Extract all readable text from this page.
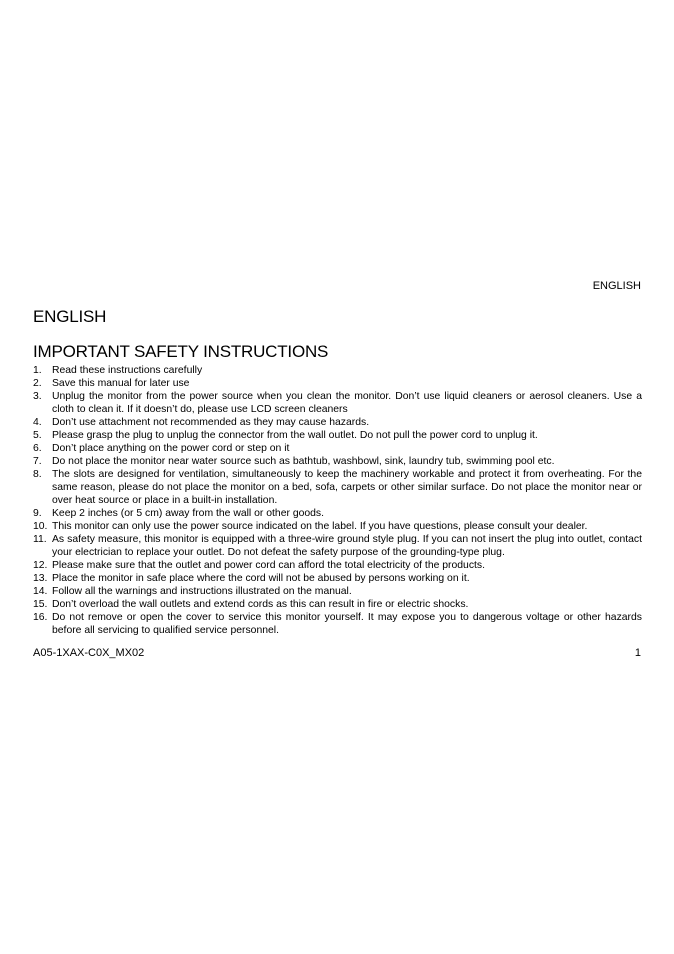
ENGLISH

ENGLISH
IMPORTANT SAFETY INSTRUCTIONS
1. Read these instructions carefully
2. Save this manual for later use
3. Unplug the monitor from the power source when you clean the monitor. Don’t use liquid cleaners or aerosol cleaners. Use a cloth to clean it. If it doesn’t do, please use LCD screen cleaners
4. Don’t use attachment not recommended as they may cause hazards.
5. Please grasp the plug to unplug the connector from the wall outlet. Do not pull the power cord to unplug it.
6. Don’t place anything on the power cord or step on it
7. Do not place the monitor near water source such as bathtub, washbowl, sink, laundry tub, swimming pool etc.
8. The slots are designed for ventilation, simultaneously to keep the machinery workable and protect it from overheating. For the same reason, please do not place the monitor on a bed, sofa, carpets or other similar surface. Do not place the monitor near or over heat source or place in a built-in installation.
9. Keep 2 inches (or 5 cm) away from the wall or other goods.
10. This monitor can only use the power source indicated on the label. If you have questions, please consult your dealer.
11. As safety measure, this monitor is equipped with a three-wire ground style plug. If you can not insert the plug into outlet, contact your electrician to replace your outlet. Do not defeat the safety purpose of the grounding-type plug.
12. Please make sure that the outlet and power cord can afford the total electricity of the products.
13. Place the monitor in safe place where the cord will not be abused by persons working on it.
14. Follow all the warnings and instructions illustrated on the manual.
15. Don’t overload the wall outlets and extend cords as this can result in fire or electric shocks.
16. Do not remove or open the cover to service this monitor yourself. It may expose you to dangerous voltage or other hazards before all servicing to qualified service personnel.

A05-1XAX-C0X_MX02	1
